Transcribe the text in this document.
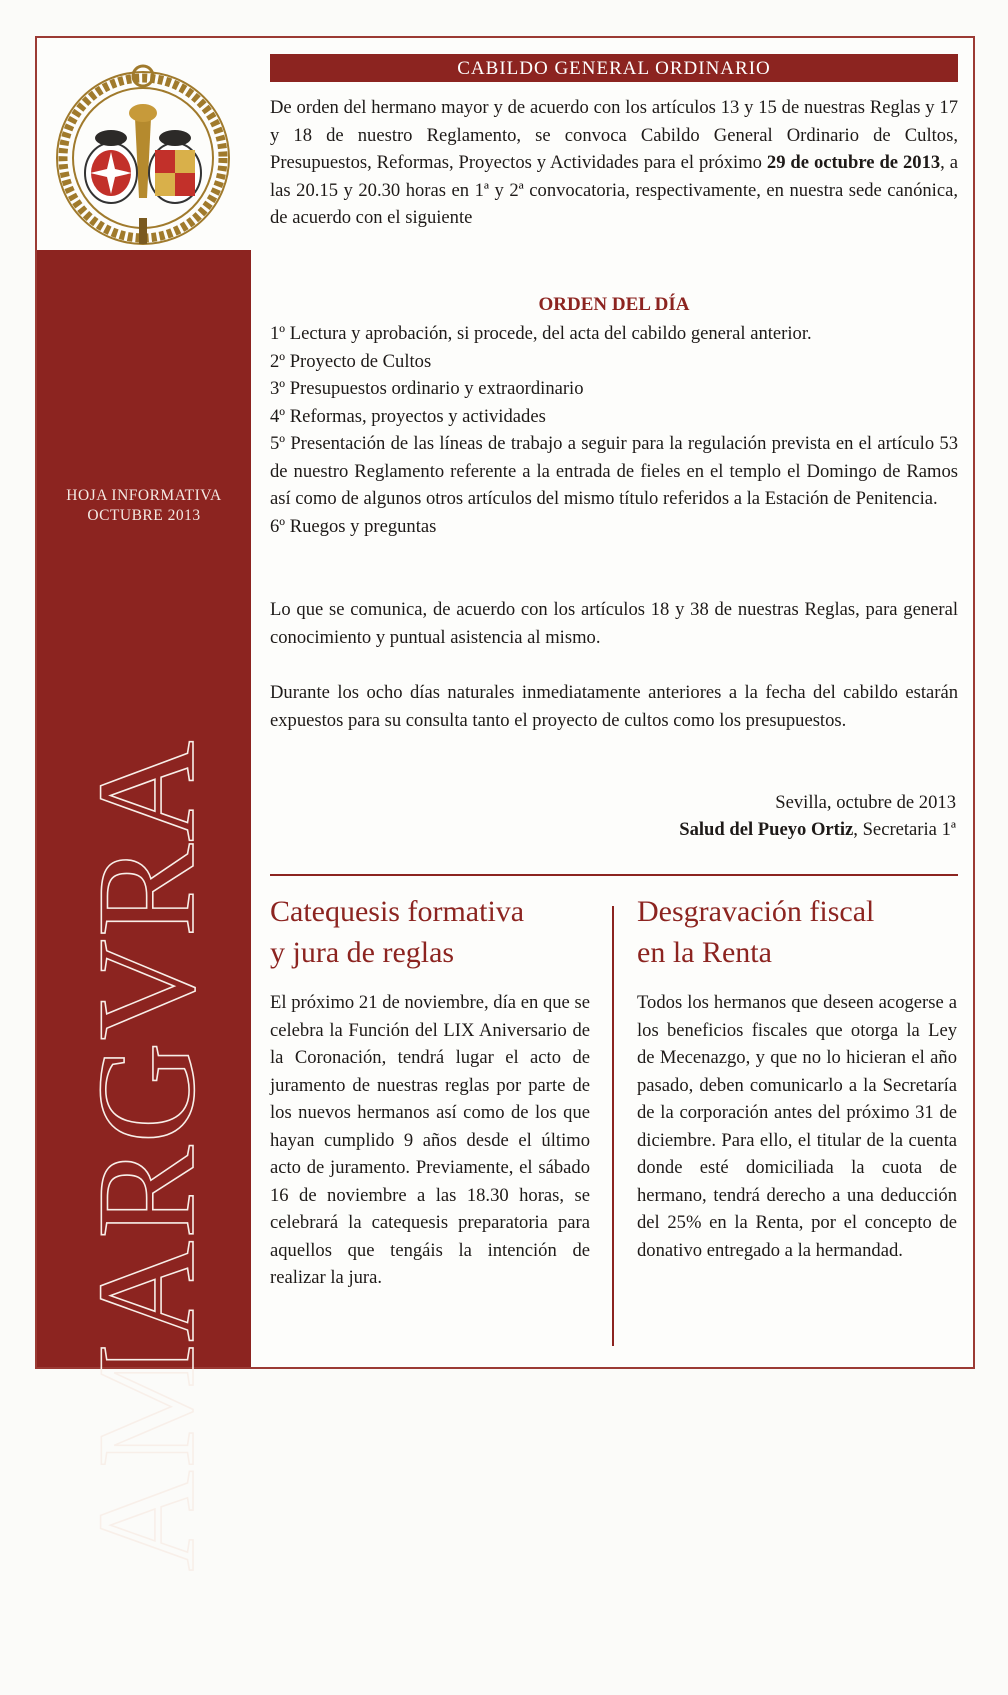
HOJA INFORMATIVA
OCTUBRE 2013
AMARGVRA
CABILDO GENERAL ORDINARIO

De orden del hermano mayor y de acuerdo con los artículos 13 y 15 de nuestras Reglas y 17 y 18 de nuestro Reglamento, se convoca Cabildo General Ordinario de Cultos, Presupuestos, Reformas, Proyectos y Actividades para el próximo 29 de octubre de 2013, a las 20.15 y 20.30 horas en 1ª y 2ª convocatoria, respectivamente, en nuestra sede canónica, de acuerdo con el siguiente

ORDEN DEL DÍA
1º Lectura y aprobación, si procede, del acta del cabildo general anterior.
2º Proyecto de Cultos
3º Presupuestos ordinario y extraordinario
4º Reformas, proyectos y actividades
5º Presentación de las líneas de trabajo a seguir para la regulación prevista en el artículo 53 de nuestro Reglamento referente a la entrada de fieles en el templo el Domingo de Ramos así como de algunos otros artículos del mismo título referidos a la Estación de Penitencia.
6º Ruegos y preguntas
Lo que se comunica, de acuerdo con los artículos 18 y 38 de nuestras Reglas, para general conocimiento y puntual asistencia al mismo.
Durante los ocho días naturales inmediatamente anteriores a la fecha del cabildo estarán expuestos para su consulta tanto el proyecto de cultos como los presupuestos.
Sevilla, octubre de 2013
Salud del Pueyo Ortiz, Secretaria 1ª
Catequesis formativa
y jura de reglas
El próximo 21 de noviembre, día en que se celebra la Función del LIX Aniversario de la Coronación, tendrá lugar el acto de juramento de nuestras reglas por parte de los nuevos hermanos así como de los que hayan cumplido 9 años desde el último acto de juramento. Previamente, el sábado 16 de noviembre a las 18.30 horas, se celebrará la catequesis preparatoria para aquellos que tengáis la intención de realizar la jura.
Desgravación fiscal
en la Renta
Todos los hermanos que deseen acogerse a los beneficios fiscales que otorga la Ley de Mecenazgo, y que no lo hicieran el año pasado, deben comunicarlo a la Secretaría de la corporación antes del próximo 31 de diciembre. Para ello, el titular de la cuenta donde esté domiciliada la cuota de hermano, tendrá derecho a una deducción del 25% en la Renta, por el concepto de donativo entregado a la hermandad.
